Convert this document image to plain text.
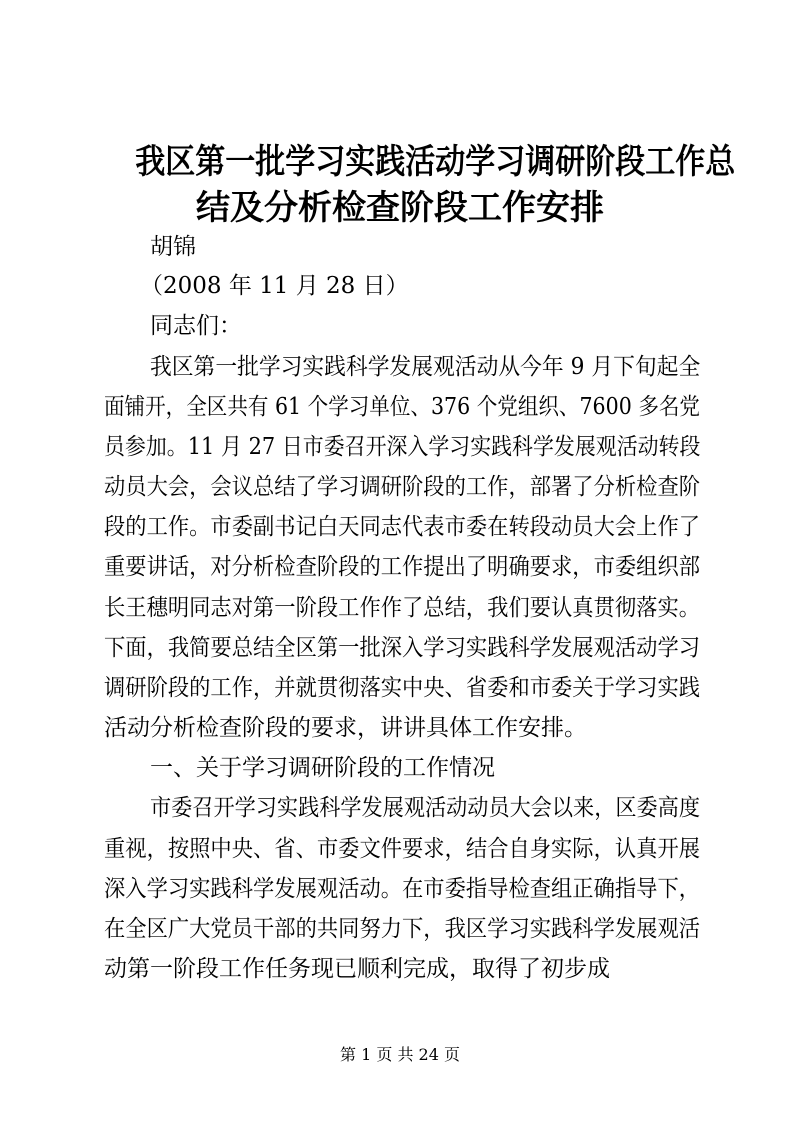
我区第一批学习实践活动学习调研阶段工作总
结及分析检查阶段工作安排

胡锦

（2008 年 11 月 28 日）

同志们：

我区第一批学习实践科学发展观活动从今年 9 月下旬起全

面铺开，全区共有 61 个学习单位、376 个党组织、7600 多名党

员参加。11 月 27 日市委召开深入学习实践科学发展观活动转段

动员大会，会议总结了学习调研阶段的工作，部署了分析检查阶

段的工作。市委副书记白天同志代表市委在转段动员大会上作了

重要讲话，对分析检查阶段的工作提出了明确要求，市委组织部

长王穗明同志对第一阶段工作作了总结，我们要认真贯彻落实。

下面，我简要总结全区第一批深入学习实践科学发展观活动学习

调研阶段的工作，并就贯彻落实中央、省委和市委关于学习实践

活动分析检查阶段的要求，讲讲具体工作安排。

一、关于学习调研阶段的工作情况

市委召开学习实践科学发展观活动动员大会以来，区委高度

重视，按照中央、省、市委文件要求，结合自身实际，认真开展

深入学习实践科学发展观活动。在市委指导检查组正确指导下，

在全区广大党员干部的共同努力下，我区学习实践科学发展观活

动第一阶段工作任务现已顺利完成，取得了初步成

第 1 页 共 24 页
